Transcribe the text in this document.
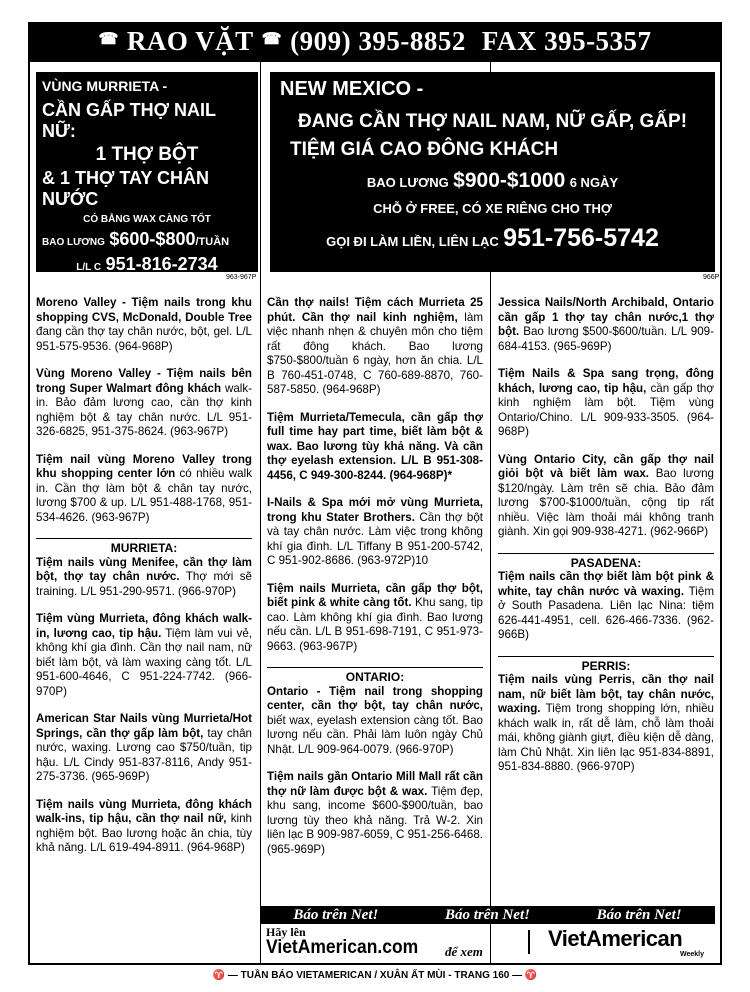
☎ RAO VẶT ☎ (909) 395-8852 FAX 395-5357
VÙNG MURRIETA -
CẦN GẤP THỢ NAIL NỮ:
1 THỢ BỘT
& 1 THỢ TAY CHÂN NƯỚC
CÓ BẰNG WAX CÀNG TỐT
BAO LƯƠNG $600-$800/TUẦN
L/L C 951-816-2734
SAU 9PM 951-246-8846
963-967P
NEW MEXICO -
ĐANG CẦN THỢ NAIL NAM, NỮ GẤP, GẤP!
TIỆM GIÁ CAO ĐÔNG KHÁCH
BAO LƯƠNG $900-$1000 6 NGÀY
CHỖ Ở FREE, CÓ XE RIÊNG CHO THỢ
GỌI ĐI LÀM LIỀN, LIÊN LẠC 951-756-5742
966P

Moreno Valley - Tiệm nails trong khu shopping CVS, McDonald, Double Tree đang cần thợ tay chân nước, bột, gel. L/L 951-575-9536. (964-968P)

Vùng Moreno Valley - Tiệm nails bên trong Super Walmart đông khách walk-in. Bảo đảm lương cao, cần thợ kinh nghiệm bột & tay chân nước. L/L 951-326-6825, 951-375-8624. (963-967P)

Tiệm nail vùng Moreno Valley trong khu shopping center lớn có nhiều walk in. Cần thợ làm bột & chân tay nước, lương $700 & up. L/L 951-488-1768, 951-534-4626. (963-967P)

MURRIETA:

Tiệm nails vùng Menifee, cần thợ làm bột, thợ tay chân nước. Thợ mới sẽ training. L/L 951-290-9571. (966-970P)

Tiệm vùng Murrieta, đông khách walk-in, lương cao, tip hậu. Tiệm làm vui vẻ, không khí gia đình. Cần thợ nail nam, nữ biết làm bột, và làm waxing càng tốt. L/L 951-600-4646, C 951-224-7742. (966-970P)

American Star Nails vùng Murrieta/Hot Springs, cần thợ gấp làm bột, tay chân nước, waxing. Lương cao $750/tuần, tip hậu. L/L Cindy 951-837-8116, Andy 951-275-3736. (965-969P)

Tiệm nails vùng Murrieta, đông khách walk-ins, tip hậu, cần thợ nail nữ, kinh nghiệm bột. Bao lương hoặc ăn chia, tùy khả năng. L/L 619-494-8911. (964-968P)

Cần thợ nails! Tiệm cách Murrieta 25 phút. Cần thợ nail kinh nghiệm, làm việc nhanh nhẹn & chuyên môn cho tiệm rất đông khách. Bao lương $750-$800/tuần 6 ngày, hơn ăn chia. L/L B 760-451-0748, C 760-689-8870, 760-587-5850. (964-968P)

Tiệm Murrieta/Temecula, cần gấp thợ full time hay part time, biết làm bột & wax. Bao lương tùy khả năng. Và cần thợ eyelash extension. L/L B 951-308-4456, C 949-300-8244. (964-968P)*

I-Nails & Spa mới mở vùng Murrieta, trong khu Stater Brothers. Cần thợ bột và tay chân nước. Làm việc trong không khí gia đình. L/L Tiffany B 951-200-5742, C 951-902-8686. (963-972P)10

Tiệm nails Murrieta, cần gấp thợ bột, biết pink & white càng tốt. Khu sang, tip cao. Làm không khí gia đình. Bao lương nếu cần. L/L B 951-698-7191, C 951-973-9663. (963-967P)

ONTARIO:

Ontario - Tiệm nail trong shopping center, cần thợ bột, tay chân nước, biết wax, eyelash extension càng tốt. Bao lương nếu cần. Phải làm luôn ngày Chủ Nhật. L/L 909-964-0079. (966-970P)

Tiệm nails gần Ontario Mill Mall rất cần thợ nữ làm được bột & wax. Tiệm đẹp, khu sang, income $600-$900/tuần, bao lương tùy theo khả năng. Trả W-2. Xin liên lạc B 909-987-6059, C 951-256-6468. (965-969P)

Jessica Nails/North Archibald, Ontario cần gấp 1 thợ tay chân nước,1 thợ bột. Bao lương $500-$600/tuần. L/L 909-684-4153. (965-969P)

Tiệm Nails & Spa sang trọng, đông khách, lương cao, tip hậu, cần gấp thợ kinh nghiệm làm bột. Tiệm vùng Ontario/Chino. L/L 909-933-3505. (964-968P)

Vùng Ontario City, cần gấp thợ nail giỏi bột và biết làm wax. Bao lương $120/ngày. Làm trên sẽ chia. Bảo đảm lương $700-$1000/tuần, cộng tip rất nhiều. Việc làm thoải mái không tranh giành. Xin gọi 909-938-4271. (962-966P)

PASADENA:

Tiệm nails cần thợ biết làm bột pink & white, tay chân nước và waxing. Tiệm ở South Pasadena. Liên lạc Nina: tiệm 626-441-4951, cell. 626-466-7336. (962-966B)

PERRIS:

Tiệm nails vùng Perris, cần thợ nail nam, nữ biết làm bột, tay chân nước, waxing. Tiệm trong shopping lớn, nhiều khách walk in, rất dễ làm, chỗ làm thoải mái, không giành giựt, điều kiện dễ dàng, làm Chủ Nhật. Xin liên lạc 951-834-8891, 951-834-8880. (966-970P)

Báo trên Net!	Báo trên Net!	Báo trên Net!
Hãy lên
VietAmerican.com để xem
VietAmerican
Weekly
♈ — TUẦN BÁO VIETAMERICAN / XUÂN ẤT MÙI - TRANG 160 — ♈
